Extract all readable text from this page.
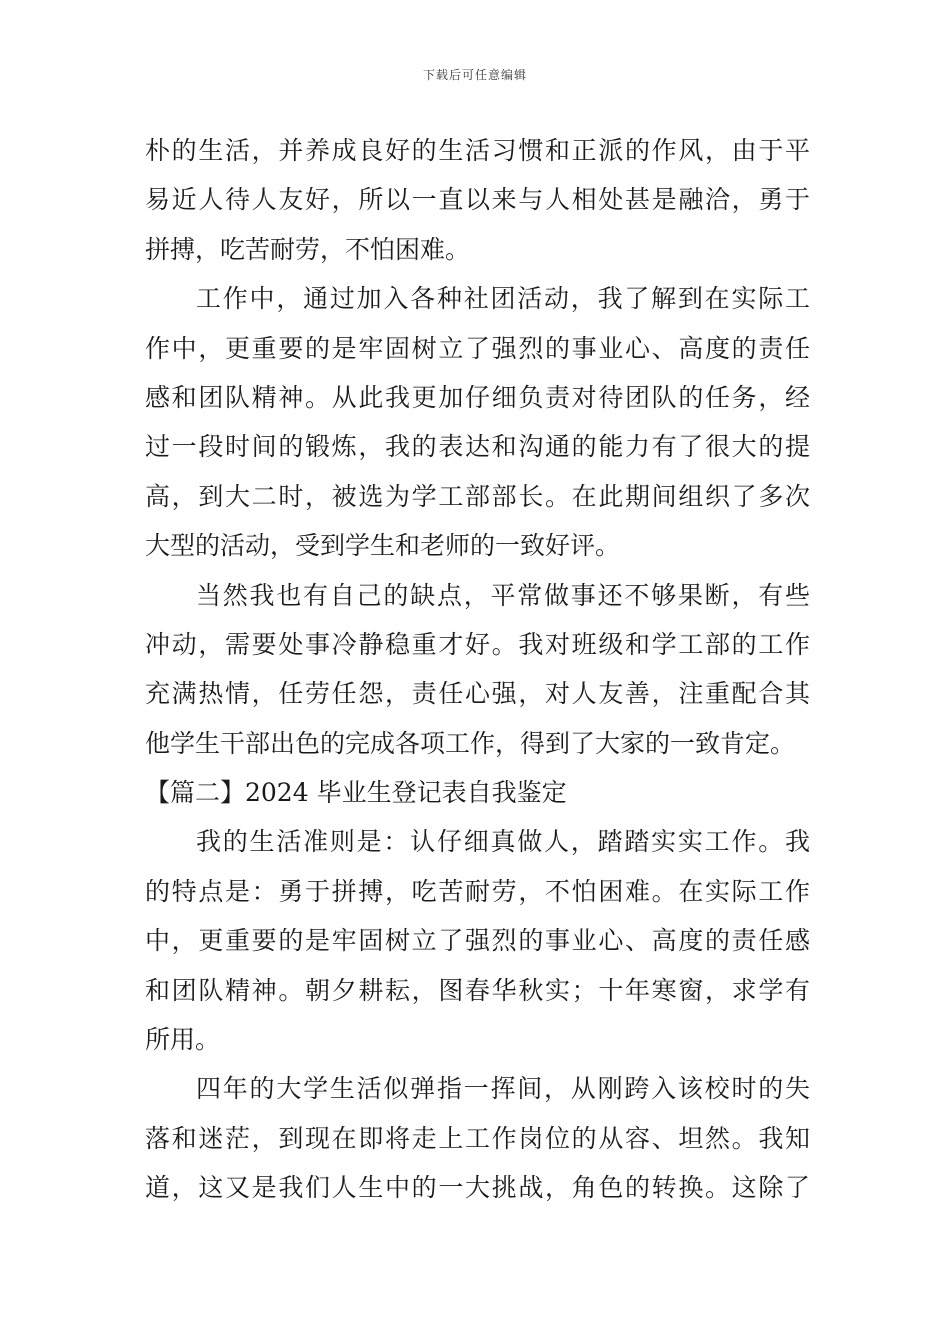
下载后可任意编辑
朴的生活，并养成良好的生活习惯和正派的作风，由于平
易近人待人友好，所以一直以来与人相处甚是融洽，勇于
拼搏，吃苦耐劳，不怕困难。
工作中，通过加入各种社团活动，我了解到在实际工
作中，更重要的是牢固树立了强烈的事业心、高度的责任
感和团队精神。从此我更加仔细负责对待团队的任务，经
过一段时间的锻炼，我的表达和沟通的能力有了很大的提
高，到大二时，被选为学工部部长。在此期间组织了多次
大型的活动，受到学生和老师的一致好评。
当然我也有自己的缺点，平常做事还不够果断，有些
冲动，需要处事冷静稳重才好。我对班级和学工部的工作
充满热情，任劳任怨，责任心强，对人友善，注重配合其
他学生干部出色的完成各项工作，得到了大家的一致肯定。
【篇二】2024 毕业生登记表自我鉴定
我的生活准则是：认仔细真做人，踏踏实实工作。我
的特点是：勇于拼搏，吃苦耐劳，不怕困难。在实际工作
中，更重要的是牢固树立了强烈的事业心、高度的责任感
和团队精神。朝夕耕耘，图春华秋实；十年寒窗，求学有
所用。
四年的大学生活似弹指一挥间，从刚跨入该校时的失
落和迷茫，到现在即将走上工作岗位的从容、坦然。我知
道，这又是我们人生中的一大挑战，角色的转换。这除了
